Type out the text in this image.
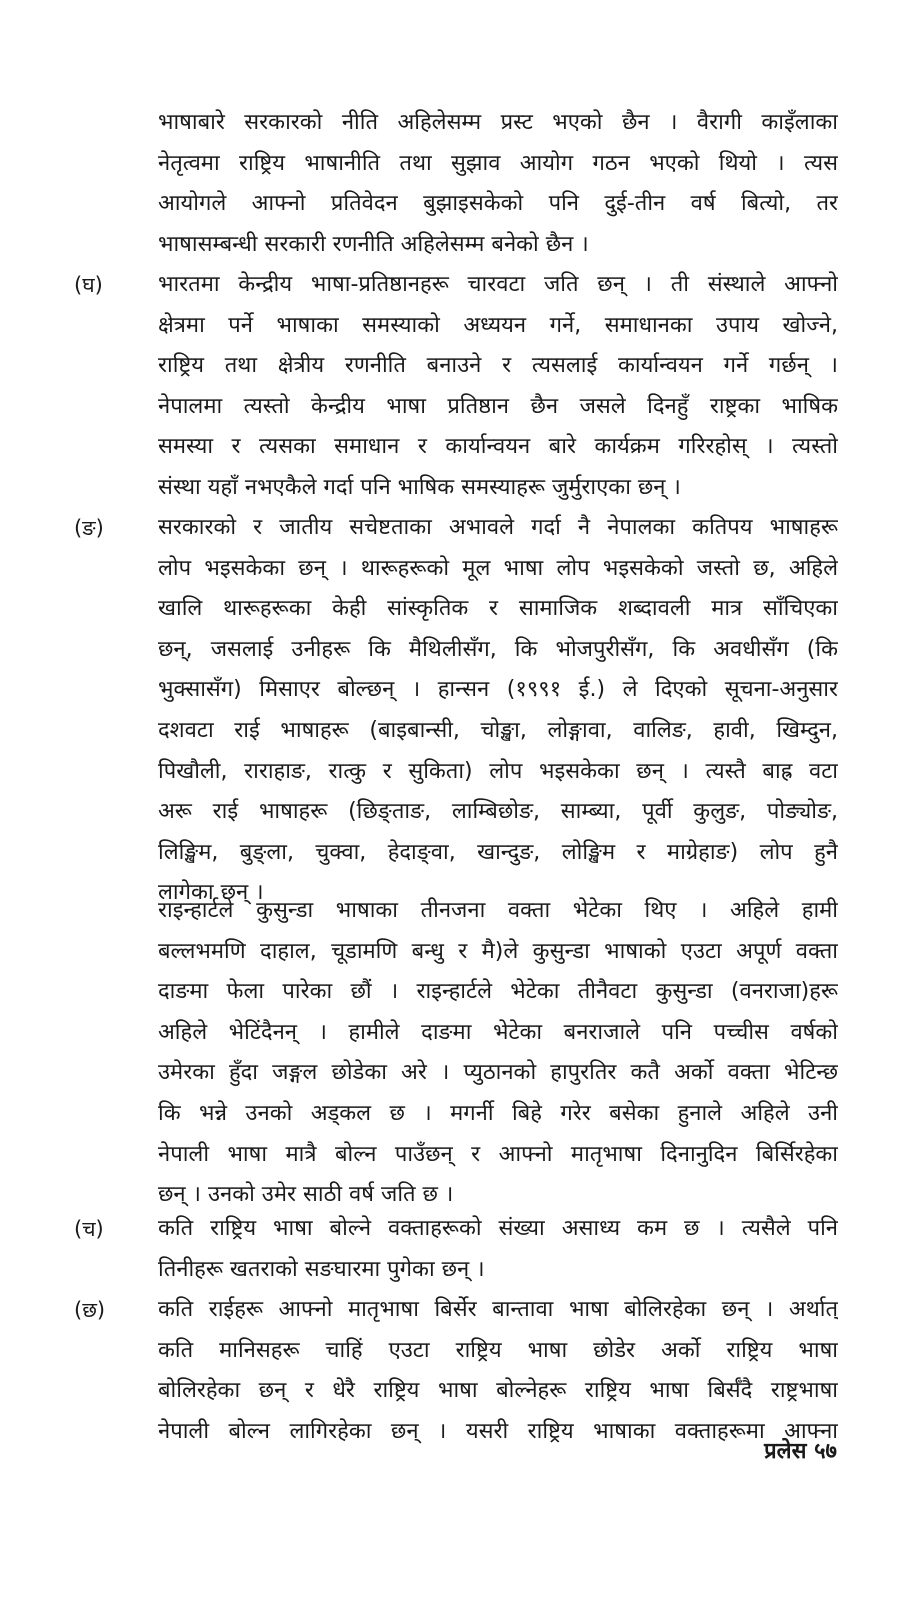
भाषाबारे सरकारको नीति अहिलेसम्म प्रस्ट भएको छैन । वैरागी काइँलाका
नेतृत्वमा राष्ट्रिय भाषानीति तथा सुझाव आयोग गठन भएको थियो । त्यस
आयोगले आफ्नो प्रतिवेदन बुझाइसकेको पनि दुई-तीन वर्ष बित्यो, तर
भाषासम्बन्धी सरकारी रणनीति अहिलेसम्म बनेको छैन ।
(घ)	भारतमा केन्द्रीय भाषा-प्रतिष्ठानहरू चारवटा जति छन् । ती संस्थाले आफ्नो
क्षेत्रमा पर्ने भाषाका समस्याको अध्ययन गर्ने, समाधानका उपाय खोज्ने,
राष्ट्रिय तथा क्षेत्रीय रणनीति बनाउने र त्यसलाई कार्यान्वयन गर्ने गर्छन् ।
नेपालमा त्यस्तो केन्द्रीय भाषा प्रतिष्ठान छैन जसले दिनहुँ राष्ट्रका भाषिक
समस्या र त्यसका समाधान र कार्यान्वयन बारे कार्यक्रम गरिरहोस् । त्यस्तो
संस्था यहाँ नभएकैले गर्दा पनि भाषिक समस्याहरू जुर्मुराएका छन् ।
(ङ) सरकारको र जातीय सचेष्टताका अभावले गर्दा नै नेपालका कतिपय भाषाहरू
लोप भइसकेका छन् । थारूहरूको मूल भाषा लोप भइसकेको जस्तो छ, अहिले
खालि थारूहरूका केही सांस्कृतिक र सामाजिक शब्दावली मात्र साँचिएका
छन्, जसलाई उनीहरू कि मैथिलीसँग, कि भोजपुरीसँग, कि अवधीसँग (कि
भुक्सासँग) मिसाएर बोल्छन् । हान्सन (१९९१ ई.) ले दिएको सूचना-अनुसार
दशवटा राई भाषाहरू (बाइबान्सी, चोङ्खा, लोङ्गावा, वालिङ, हावी, खिम्दुन,
पिखौली, राराहाङ, रात्कु र सुकिता) लोप भइसकेका छन् । त्यस्तै बाह्र वटा
अरू राई भाषाहरू (छिङ्ताङ, लाम्बिछोङ, साम्ब्या, पूर्वी कुलुङ, पोङ्योङ,
लिङ्खिम, बुङ्ला, चुक्वा, हेदाङ्वा, खान्दुङ, लोङ्खिम र माग्रेहाङ) लोप हुनै
लागेका छन् ।
राइन्हार्टले कुसुन्डा भाषाका तीनजना वक्ता भेटेका थिए । अहिले हामी
बल्लभमणि दाहाल, चूडामणि बन्धु र मै)ले कुसुन्डा भाषाको एउटा अपूर्ण वक्ता
दाङमा फेला पारेका छौं । राइन्हार्टले भेटेका तीनैवटा कुसुन्डा (वनराजा)हरू
अहिले भेटिंदैनन् । हामीले दाङमा भेटेका बनराजाले पनि पच्चीस वर्षको
उमेरका हुँदा जङ्गल छोडेका अरे । प्युठानको हापुरतिर कतै अर्को वक्ता भेटिन्छ
कि भन्ने उनको अड्कल छ । मगर्नी बिहे गरेर बसेका हुनाले अहिले उनी
नेपाली भाषा मात्रै बोल्न पाउँछन् र आफ्नो मातृभाषा दिनानुदिन बिर्सिरहेका
छन् । उनको उमेर साठी वर्ष जति छ ।
(च) कति राष्ट्रिय भाषा बोल्ने वक्ताहरूको संख्या असाध्य कम छ । त्यसैले पनि
तिनीहरू खतराको सङघारमा पुगेका छन् ।
(छ) कति राईहरू आफ्नो मातृभाषा बिर्सेर बान्तावा भाषा बोलिरहेका छन् । अर्थात्
कति मानिसहरू चाहिं एउटा राष्ट्रिय भाषा छोडेर अर्को राष्ट्रिय भाषा
बोलिरहेका छन् र धेरै राष्ट्रिय भाषा बोल्नेहरू राष्ट्रिय भाषा बिर्सँदै राष्ट्रभाषा
नेपाली बोल्न लागिरहेका छन् । यसरी राष्ट्रिय भाषाका वक्ताहरूमा आफ्ना
प्रलेस ५७
